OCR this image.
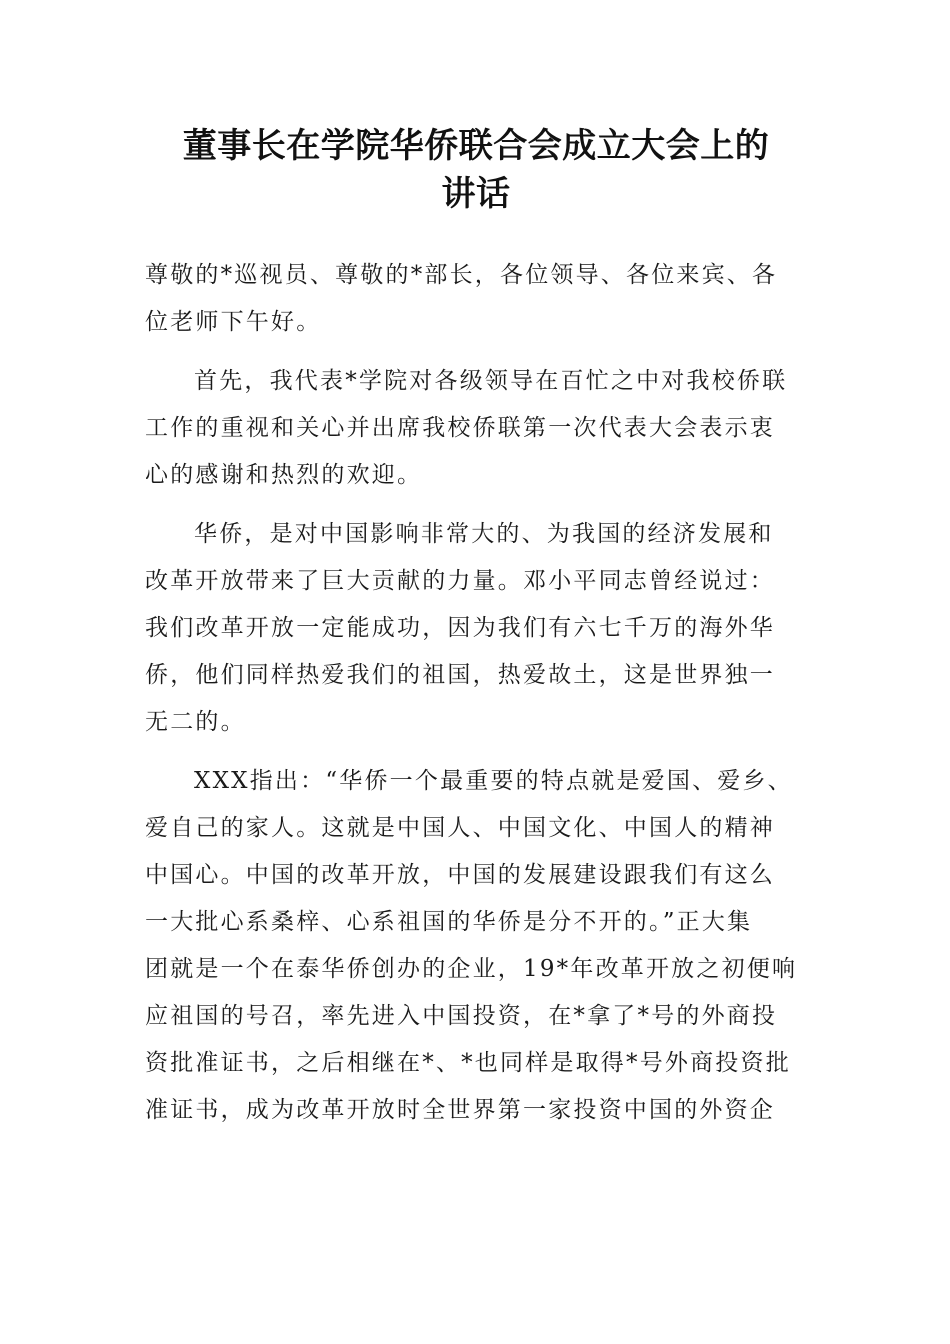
董事长在学院华侨联合会成立大会上的
讲话

尊敬的*巡视员、尊敬的*部长，各位领导、各位来宾、各
位老师下午好。

首先，我代表*学院对各级领导在百忙之中对我校侨联
工作的重视和关心并出席我校侨联第一次代表大会表示衷
心的感谢和热烈的欢迎。

华侨，是对中国影响非常大的、为我国的经济发展和
改革开放带来了巨大贡献的力量。邓小平同志曾经说过：
我们改革开放一定能成功，因为我们有六七千万的海外华
侨，他们同样热爱我们的祖国，热爱故土，这是世界独一
无二的。

XXX指出：“华侨一个最重要的特点就是爱国、爱乡、
爱自己的家人。这就是中国人、中国文化、中国人的精神
中国心。中国的改革开放，中国的发展建设跟我们有这么
一大批心系桑梓、心系祖国的华侨是分不开的。”正大集
团就是一个在泰华侨创办的企业，19*年改革开放之初便响
应祖国的号召，率先进入中国投资，在*拿了*号的外商投
资批准证书，之后相继在*、*也同样是取得*号外商投资批
准证书，成为改革开放时全世界第一家投资中国的外资企
